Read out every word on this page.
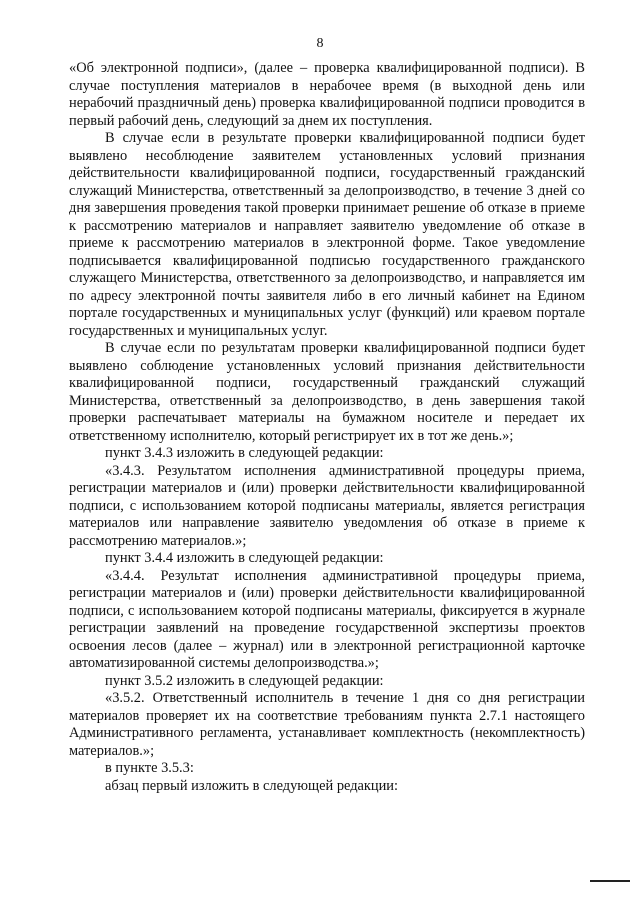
8

«Об электронной подписи», (далее – проверка квалифицированной подписи). В случае поступления материалов в нерабочее время (в выходной день или нерабочий праздничный день) проверка квалифицированной подписи проводится в первый рабочий день, следующий за днем их поступления.

В случае если в результате проверки квалифицированной подписи будет выявлено несоблюдение заявителем установленных условий признания действительности квалифицированной подписи, государственный гражданский служащий Министерства, ответственный за делопроизводство, в течение 3 дней со дня завершения проведения такой проверки принимает решение об отказе в приеме к рассмотрению материалов и направляет заявителю уведомление об отказе в приеме к рассмотрению материалов в электронной форме. Такое уведомление подписывается квалифицированной подписью государственного гражданского служащего Министерства, ответственного за делопроизводство, и направляется им по адресу электронной почты заявителя либо в его личный кабинет на Едином портале государственных и муниципальных услуг (функций) или краевом портале государственных и муниципальных услуг.

В случае если по результатам проверки квалифицированной подписи будет выявлено соблюдение установленных условий признания действительности квалифицированной подписи, государственный гражданский служащий Министерства, ответственный за делопроизводство, в день завершения такой проверки распечатывает материалы на бумажном носителе и передает их ответственному исполнителю, который регистрирует их в тот же день.»;

пункт 3.4.3 изложить в следующей редакции:

«3.4.3. Результатом исполнения административной процедуры приема, регистрации материалов и (или) проверки действительности квалифицированной подписи, с использованием которой подписаны материалы, является регистрация материалов или направление заявителю уведомления об отказе в приеме к рассмотрению материалов.»;

пункт 3.4.4 изложить в следующей редакции:

«3.4.4. Результат исполнения административной процедуры приема, регистрации материалов и (или) проверки действительности квалифицированной подписи, с использованием которой подписаны материалы, фиксируется в журнале регистрации заявлений на проведение государственной экспертизы проектов освоения лесов (далее – журнал) или в электронной регистрационной карточке автоматизированной системы делопроизводства.»;

пункт 3.5.2 изложить в следующей редакции:

«3.5.2. Ответственный исполнитель в течение 1 дня со дня регистрации материалов проверяет их на соответствие требованиям пункта 2.7.1 настоящего Административного регламента, устанавливает комплектность (некомплектность) материалов.»;

в пункте 3.5.3:

абзац первый изложить в следующей редакции:
